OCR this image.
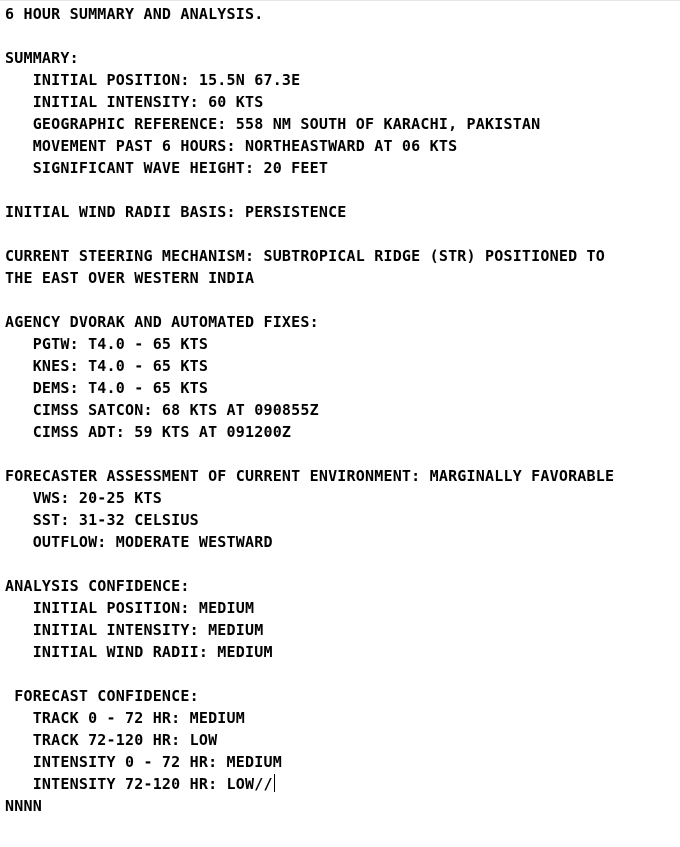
6 HOUR SUMMARY AND ANALYSIS.
SUMMARY:
INITIAL POSITION: 15.5N 67.3E
INITIAL INTENSITY: 60 KTS
GEOGRAPHIC REFERENCE: 558 NM SOUTH OF KARACHI, PAKISTAN
MOVEMENT PAST 6 HOURS: NORTHEASTWARD AT 06 KTS
SIGNIFICANT WAVE HEIGHT: 20 FEET
INITIAL WIND RADII BASIS: PERSISTENCE
CURRENT STEERING MECHANISM: SUBTROPICAL RIDGE (STR) POSITIONED TO
THE EAST OVER WESTERN INDIA
AGENCY DVORAK AND AUTOMATED FIXES:
PGTW: T4.0 - 65 KTS
KNES: T4.0 - 65 KTS
DEMS: T4.0 - 65 KTS
CIMSS SATCON: 68 KTS AT 090855Z
CIMSS ADT: 59 KTS AT 091200Z
FORECASTER ASSESSMENT OF CURRENT ENVIRONMENT: MARGINALLY FAVORABLE
VWS: 20-25 KTS
SST: 31-32 CELSIUS
OUTFLOW: MODERATE WESTWARD
ANALYSIS CONFIDENCE:
INITIAL POSITION: MEDIUM
INITIAL INTENSITY: MEDIUM
INITIAL WIND RADII: MEDIUM
FORECAST CONFIDENCE:
TRACK 0 - 72 HR: MEDIUM
TRACK 72-120 HR: LOW
INTENSITY 0 - 72 HR: MEDIUM
INTENSITY 72-120 HR: LOW//
NNNN
